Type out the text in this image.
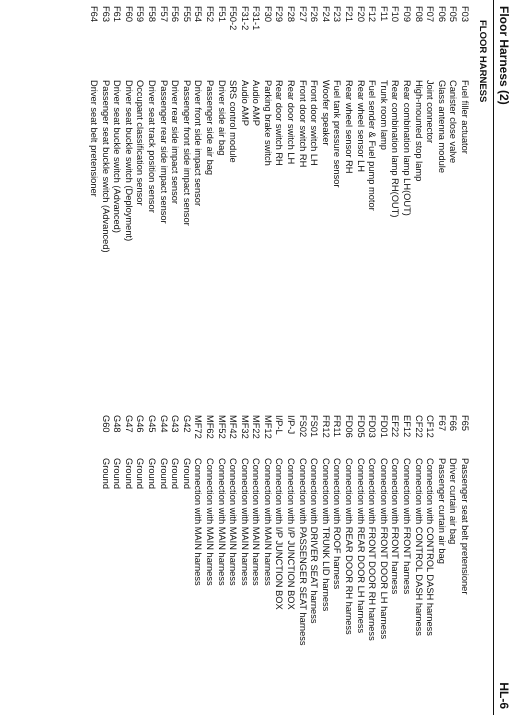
Floor Harness (2)
HL-6
FLOOR HARNESS
F03
Fuel filler actuator
F65
Passenger seat belt pretensioner
F05
Canister close valve
F66
Driver curtain air bag
F06
Glass antenna module
F67
Passenger curtain air bag
F07
Joint connector
CF12
Connection with CONTROL DASH harness
F08
High-mounted stop lamp
CF22
Connection with CONTROL DASH harness
F09
Rear combination lamp LH(OUT)
EF12
Connection with FRONT harness
F10
Rear combination lamp RH(OUT)
EF22
Connection with FRONT harness
F11
Trunk room lamp
FD01
Connection with FRONT DOOR LH harness
F12
Fuel sender & Fuel pump motor
FD03
Connection with FRONT DOOR RH harness
F20
Rear wheel sensor LH
FD05
Connection with REAR DOOR LH harness
F21
Rear wheel sensor RH
FD06
Connection with REAR DOOR RH harness
F23
Fuel tank pressure sensor
FR11
Connection with ROOF harness
F24
Woofer speaker
FR12
Connection with TRUNK LID harness
F26
Front door switch LH
FS01
Connection with DRIVER SEAT harness
F27
Front door switch RH
FS02
Connection with PASSENGER SEAT harness
F28
Rear door switch LH
I/P-J
Connection with I/P JUNCTION BOX
F29
Rear door switch RH
I/P-L
Connection with I/P JUNCTION BOX
F30
Parking brake switch
MF12
Connection with MAIN harness
F31-1
Audio AMP
MF22
Connection with MAIN harness
F31-2
Audio AMP
MF32
Connection with MAIN harness
F50-2
SRS control module
MF42
Connection with MAIN harness
F51
Driver side air bag
MF52
Connection with MAIN harness
F52
Passenger side air bag
MF62
Connection with MAIN harness
F54
Driver front side impact sensor
MF72
Connection with MAIN harness
F55
Passenger front side impact sensor
G42
Ground
F56
Driver rear side impact sensor
G43
Ground
F57
Passenger rear side impact sensor
G44
Ground
F58
Driver seat track position sensor
G45
Ground
F59
Occupant classification sensor
G46
Ground
F60
Driver seat buckle switch (Deployment)
G47
Ground
F61
Driver seat buckle switch (Advanced)
G48
Ground
F63
Passenger seat buckle switch (Advanced)
G60
Ground
F64
Driver seat belt pretensioner
